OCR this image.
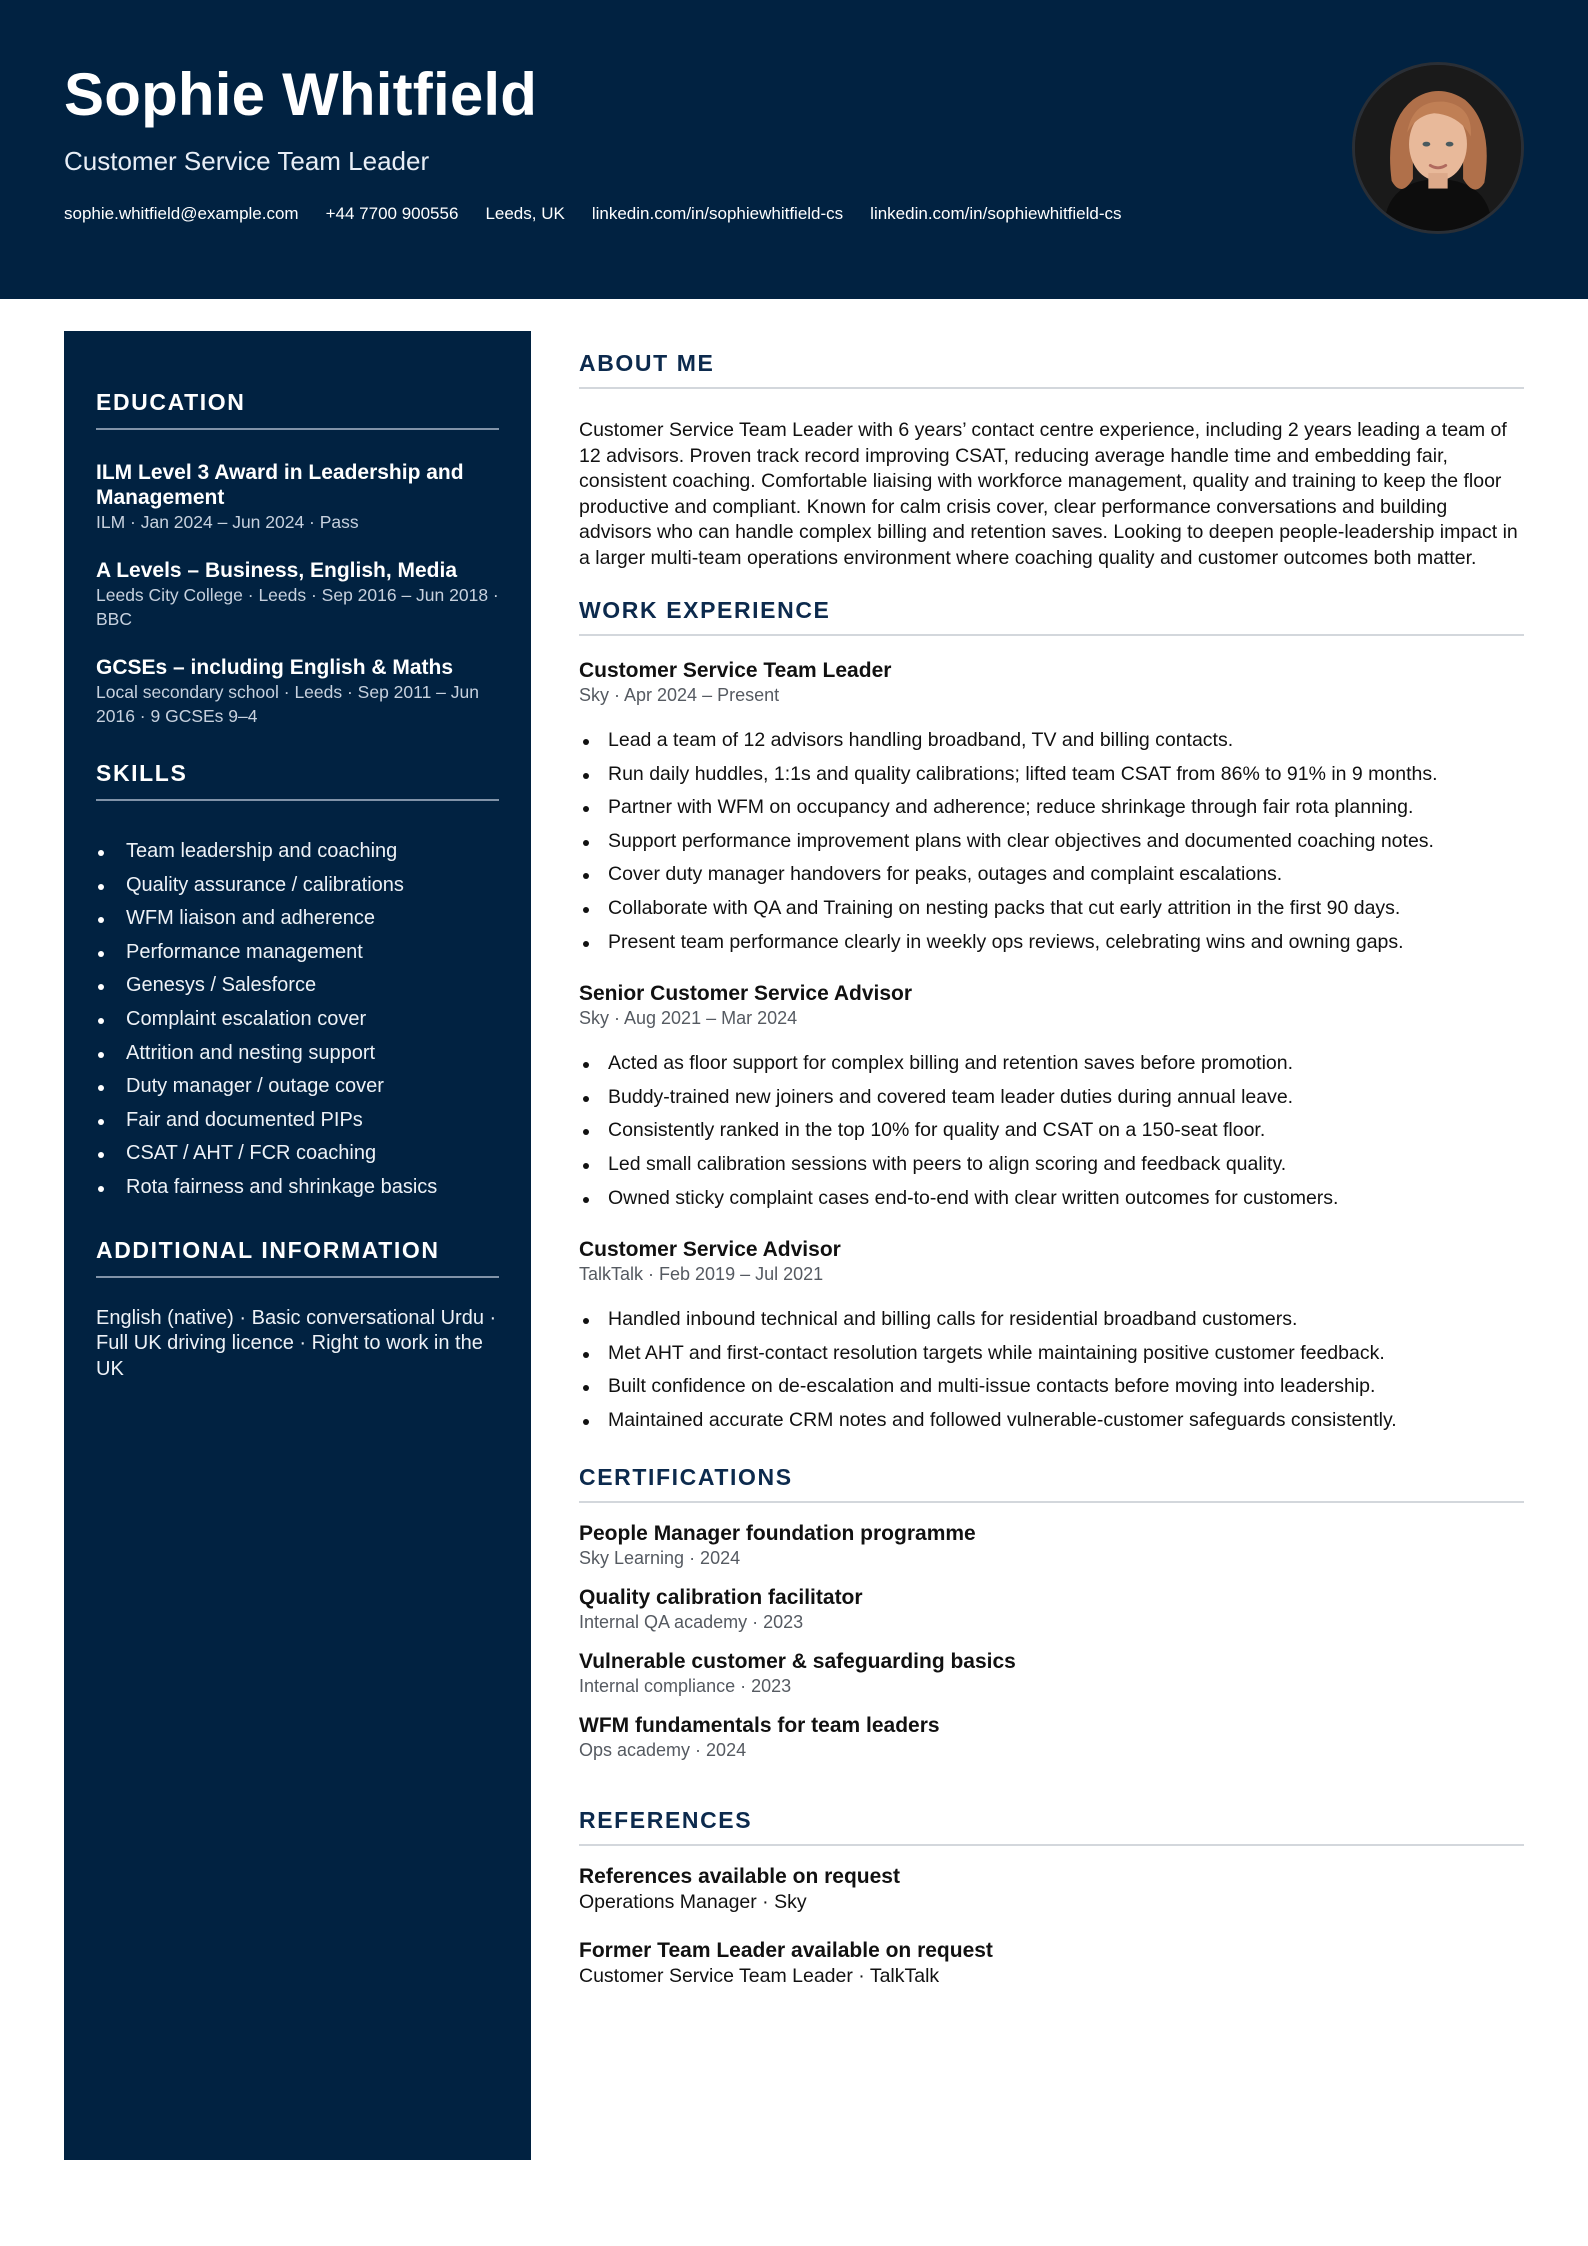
Sophie Whitfield
Customer Service Team Leader
sophie.whitfield@example.com +44 7700 900556 Leeds, UK linkedin.com/in/sophiewhitfield-cs linkedin.com/in/sophiewhitfield-cs
EDUCATION
ILM Level 3 Award in Leadership and Management
ILM · Jan 2024 – Jun 2024 · Pass
A Levels – Business, English, Media
Leeds City College · Leeds · Sep 2016 – Jun 2018 · BBC
GCSEs – including English & Maths
Local secondary school · Leeds · Sep 2011 – Jun 2016 · 9 GCSEs 9–4
SKILLS
Team leadership and coaching
Quality assurance / calibrations
WFM liaison and adherence
Performance management
Genesys / Salesforce
Complaint escalation cover
Attrition and nesting support
Duty manager / outage cover
Fair and documented PIPs
CSAT / AHT / FCR coaching
Rota fairness and shrinkage basics
ADDITIONAL INFORMATION
English (native) · Basic conversational Urdu · Full UK driving licence · Right to work in the UK
ABOUT ME
Customer Service Team Leader with 6 years’ contact centre experience, including 2 years leading a team of 12 advisors. Proven track record improving CSAT, reducing average handle time and embedding fair, consistent coaching. Comfortable liaising with workforce management, quality and training to keep the floor productive and compliant. Known for calm crisis cover, clear performance conversations and building advisors who can handle complex billing and retention saves. Looking to deepen people-leadership impact in a larger multi-team operations environment where coaching quality and customer outcomes both matter.
WORK EXPERIENCE
Customer Service Team Leader
Sky · Apr 2024 – Present
Lead a team of 12 advisors handling broadband, TV and billing contacts.
Run daily huddles, 1:1s and quality calibrations; lifted team CSAT from 86% to 91% in 9 months.
Partner with WFM on occupancy and adherence; reduce shrinkage through fair rota planning.
Support performance improvement plans with clear objectives and documented coaching notes.
Cover duty manager handovers for peaks, outages and complaint escalations.
Collaborate with QA and Training on nesting packs that cut early attrition in the first 90 days.
Present team performance clearly in weekly ops reviews, celebrating wins and owning gaps.
Senior Customer Service Advisor
Sky · Aug 2021 – Mar 2024
Acted as floor support for complex billing and retention saves before promotion.
Buddy-trained new joiners and covered team leader duties during annual leave.
Consistently ranked in the top 10% for quality and CSAT on a 150-seat floor.
Led small calibration sessions with peers to align scoring and feedback quality.
Owned sticky complaint cases end-to-end with clear written outcomes for customers.
Customer Service Advisor
TalkTalk · Feb 2019 – Jul 2021
Handled inbound technical and billing calls for residential broadband customers.
Met AHT and first-contact resolution targets while maintaining positive customer feedback.
Built confidence on de-escalation and multi-issue contacts before moving into leadership.
Maintained accurate CRM notes and followed vulnerable-customer safeguards consistently.
CERTIFICATIONS
People Manager foundation programme
Sky Learning · 2024
Quality calibration facilitator
Internal QA academy · 2023
Vulnerable customer & safeguarding basics
Internal compliance · 2023
WFM fundamentals for team leaders
Ops academy · 2024
REFERENCES
References available on request
Operations Manager · Sky
Former Team Leader available on request
Customer Service Team Leader · TalkTalk
